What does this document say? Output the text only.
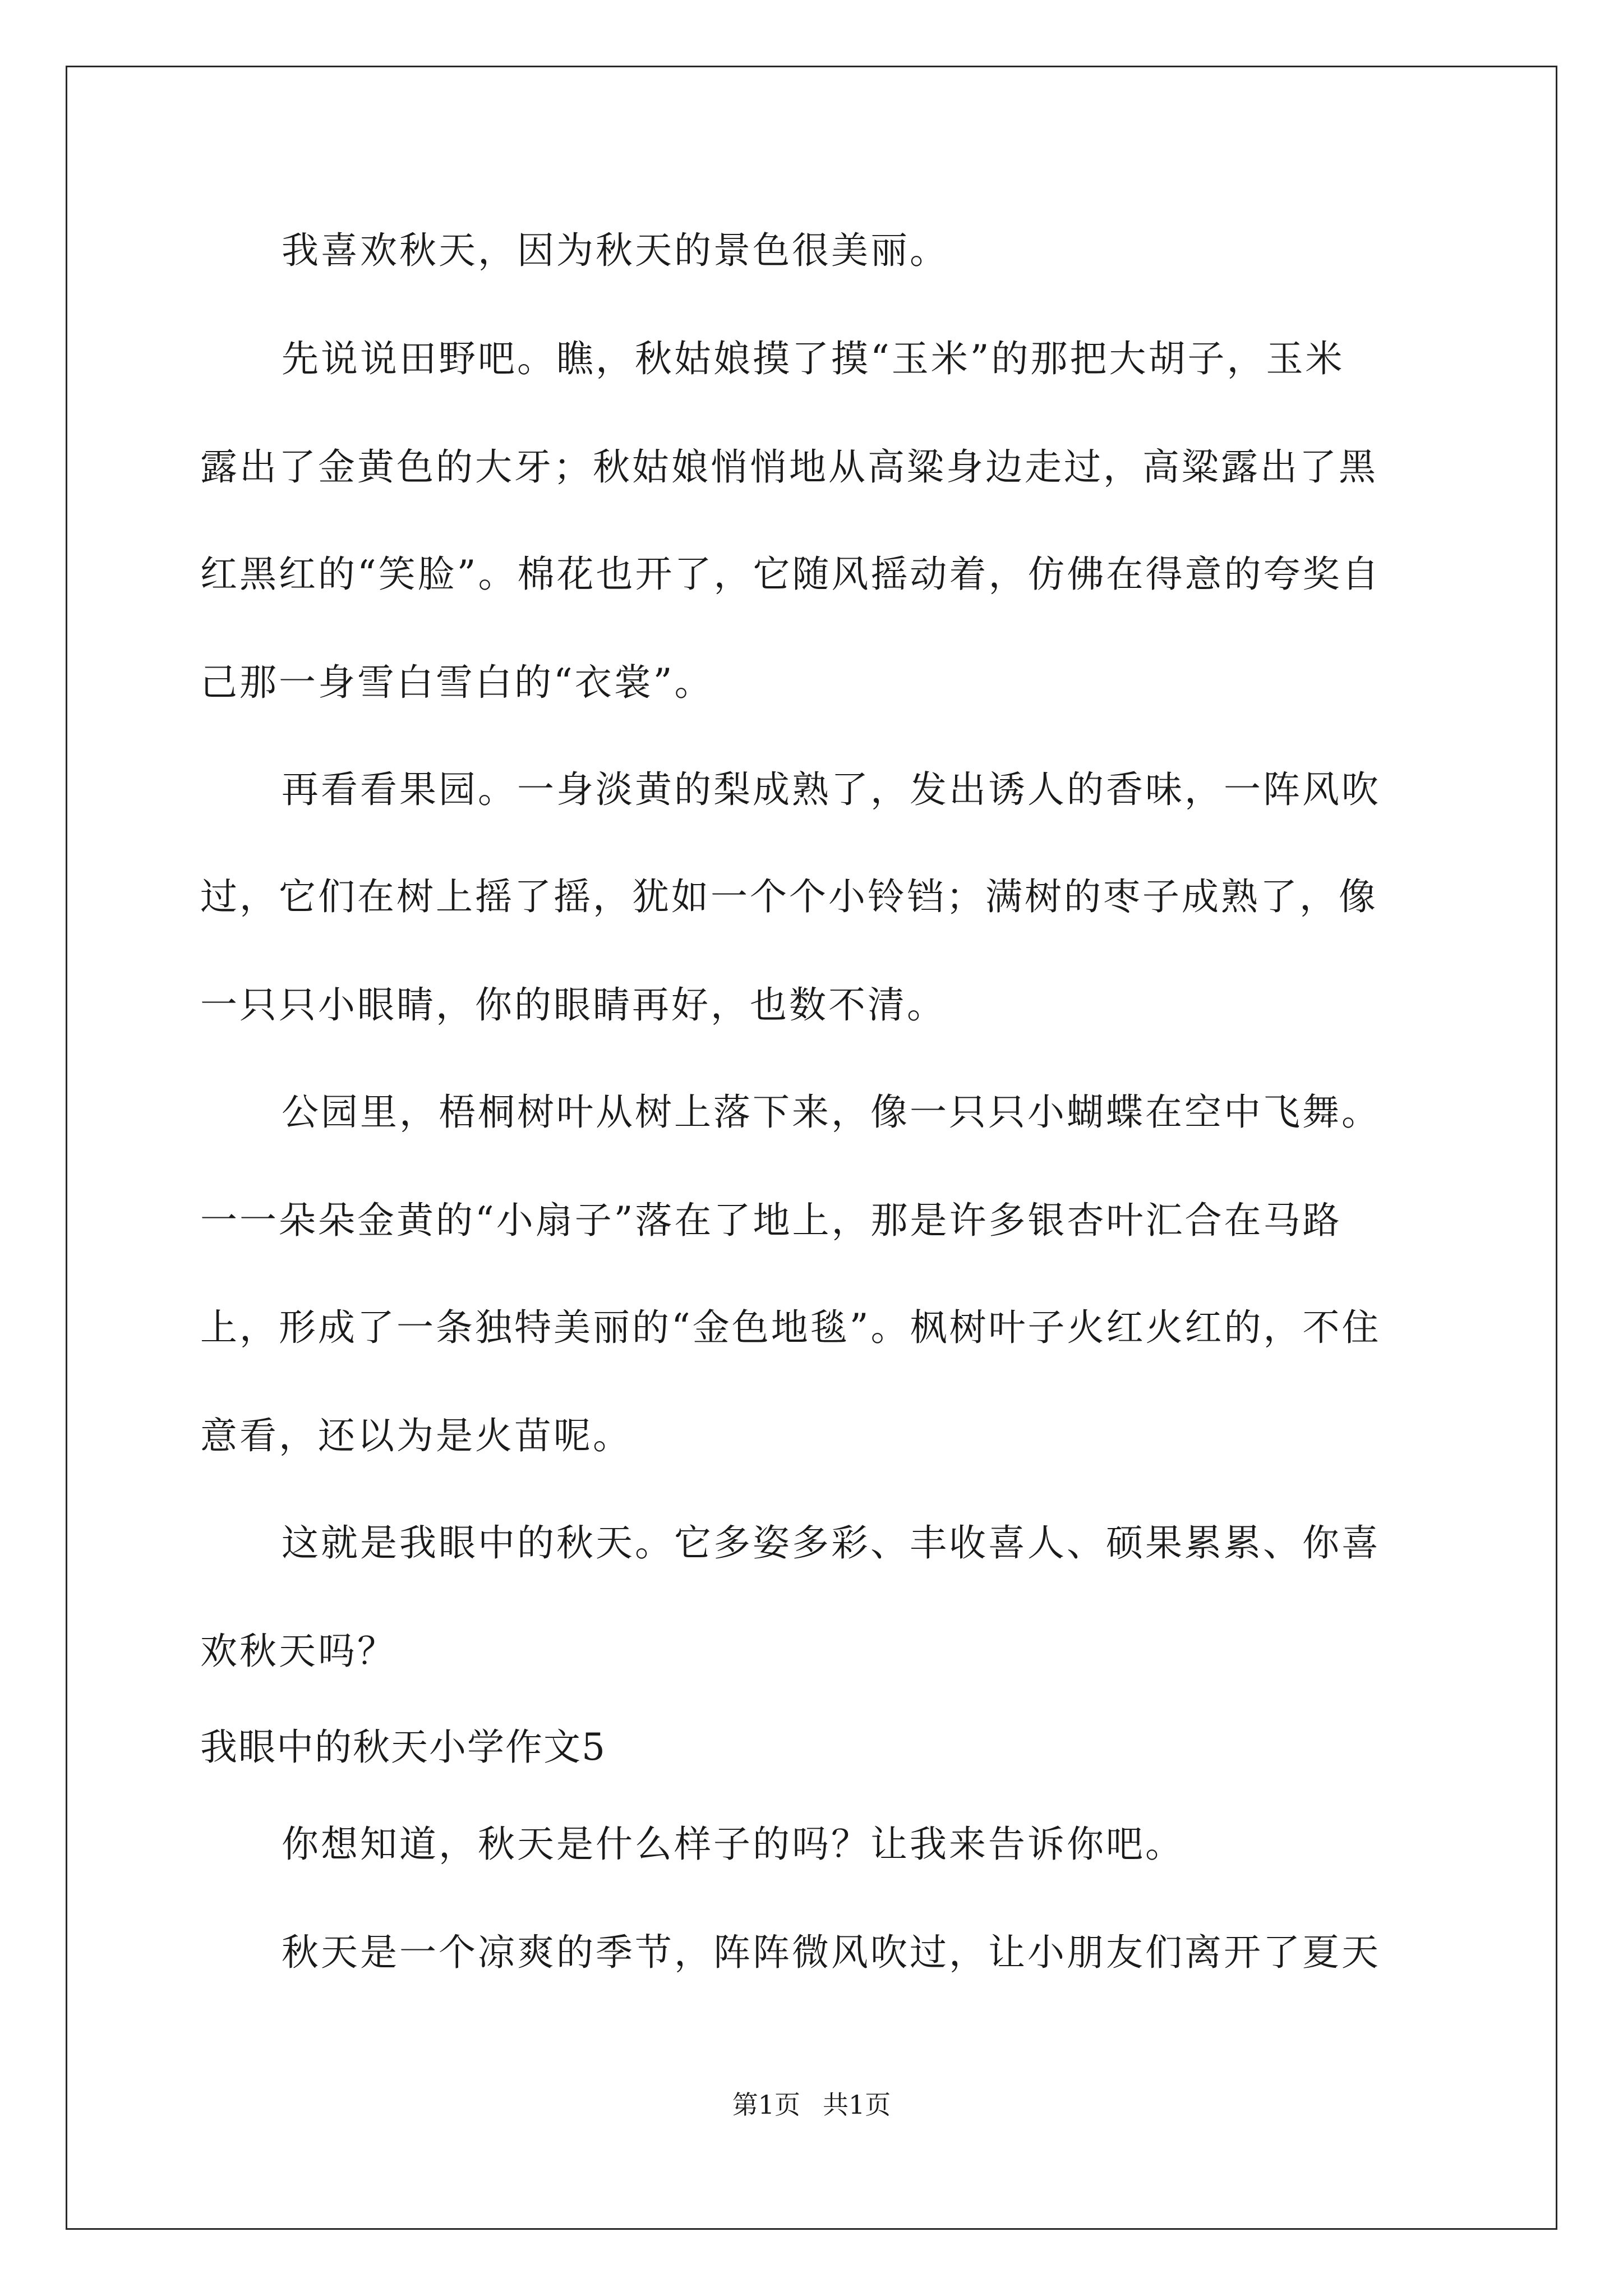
我喜欢秋天，因为秋天的景色很美丽。
先说说田野吧。瞧，秋姑娘摸了摸“玉米”的那把大胡子，玉米
露出了金黄色的大牙；秋姑娘悄悄地从高粱身边走过，高粱露出了黑
红黑红的“笑脸”。棉花也开了，它随风摇动着，仿佛在得意的夸奖自
己那一身雪白雪白的“衣裳”。
再看看果园。一身淡黄的梨成熟了，发出诱人的香味，一阵风吹
过，它们在树上摇了摇，犹如一个个小铃铛；满树的枣子成熟了，像
一只只小眼睛，你的眼睛再好，也数不清。
公园里，梧桐树叶从树上落下来，像一只只小蝴蝶在空中飞舞。
一一朵朵金黄的“小扇子”落在了地上，那是许多银杏叶汇合在马路
上，形成了一条独特美丽的“金色地毯”。枫树叶子火红火红的，不住
意看，还以为是火苗呢。
这就是我眼中的秋天。它多姿多彩、丰收喜人、硕果累累、你喜
欢秋天吗？
我眼中的秋天小学作文5
你想知道，秋天是什么样子的吗？让我来告诉你吧。
秋天是一个凉爽的季节，阵阵微风吹过，让小朋友们离开了夏天
第1页 共1页
